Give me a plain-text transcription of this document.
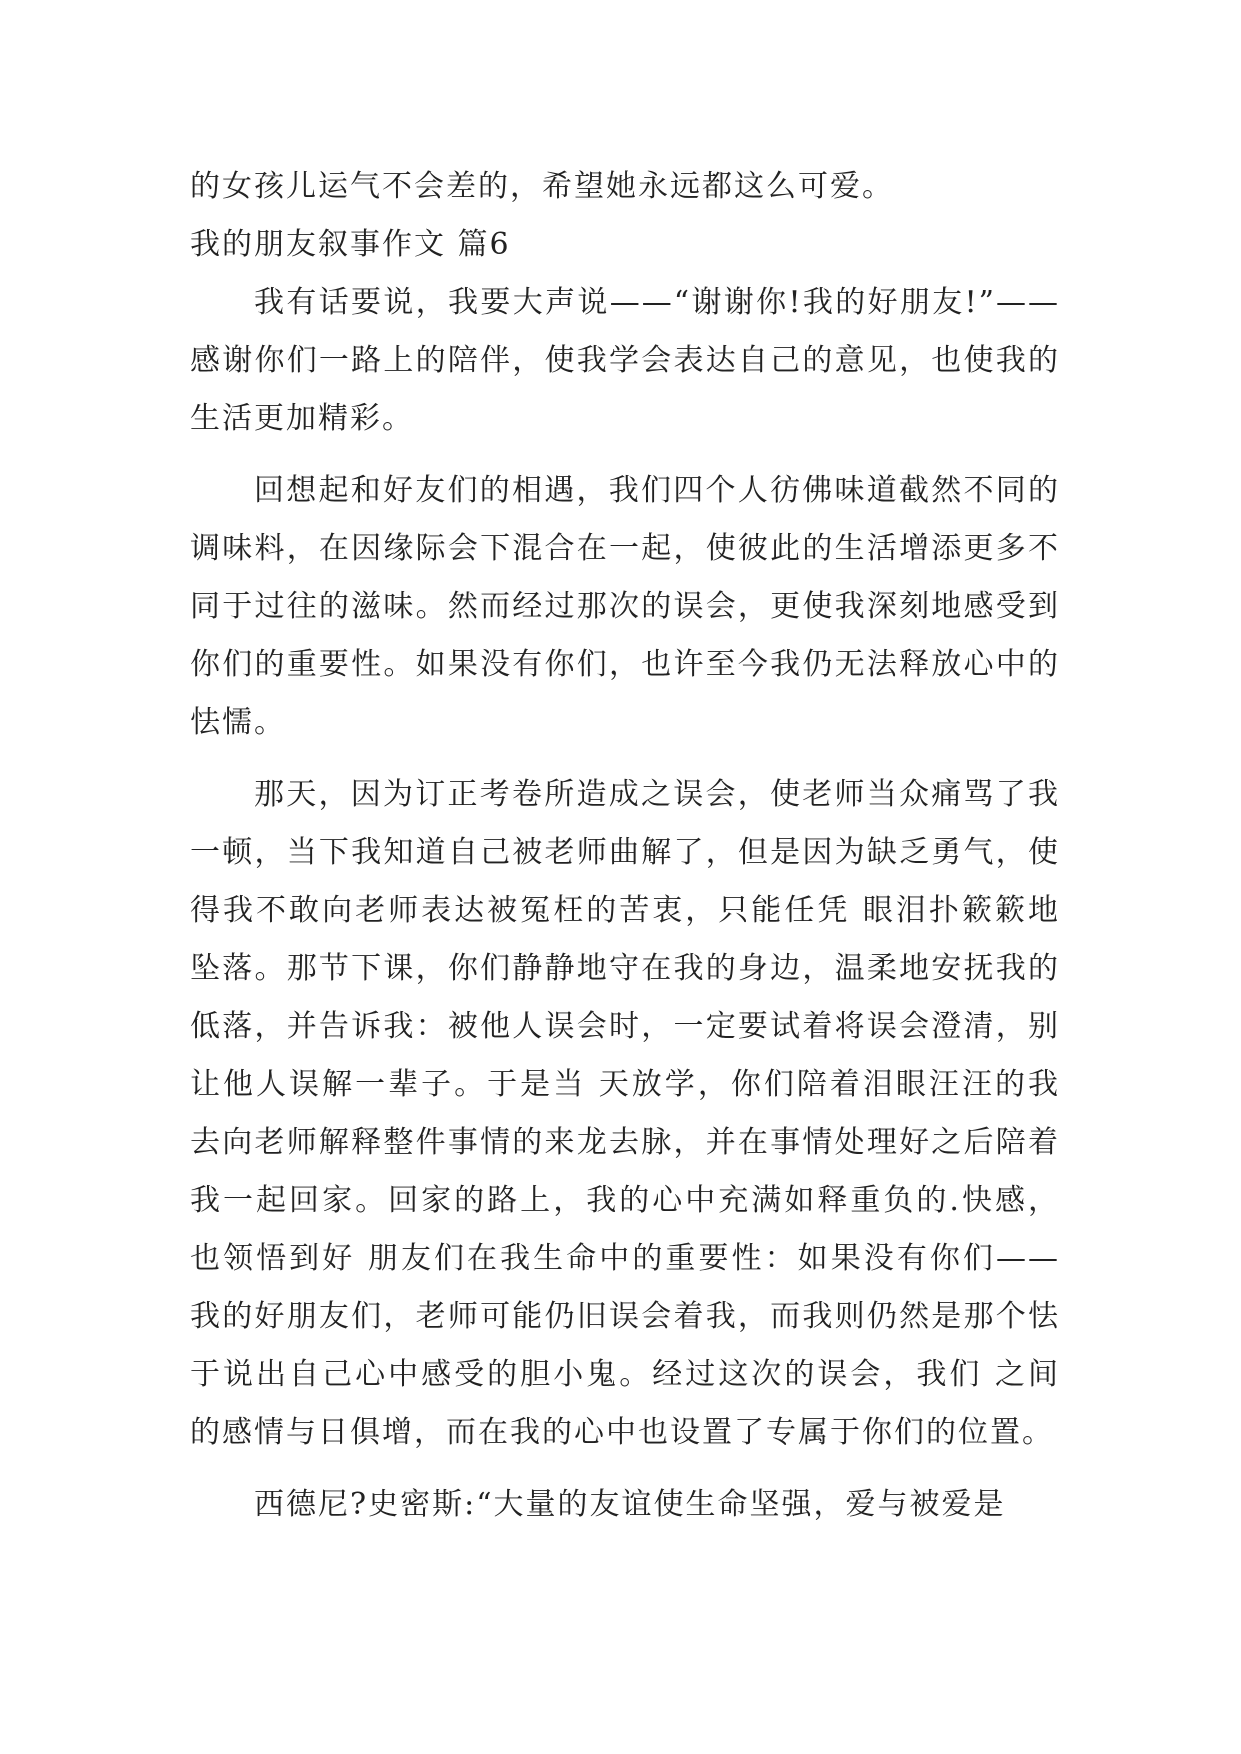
的女孩儿运气不会差的，希望她永远都这么可爱。

我的朋友叙事作文 篇6

我有话要说，我要大声说——“谢谢你!我的好朋友!”——感谢你们一路上的陪伴，使我学会表达自己的意见，也使我的生活更加精彩。

回想起和好友们的相遇，我们四个人彷佛味道截然不同的调味料，在因缘际会下混合在一起，使彼此的生活增添更多不同于过往的滋味。然而经过那次的误会，更使我深刻地感受到你们的重要性。如果没有你们，也许至今我仍无法释放心中的怯懦。

那天，因为订正考卷所造成之误会，使老师当众痛骂了我一顿，当下我知道自己被老师曲解了，但是因为缺乏勇气，使得我不敢向老师表达被冤枉的苦衷，只能任凭 眼泪扑簌簌地坠落。那节下课，你们静静地守在我的身边，温柔地安抚我的低落，并告诉我：被他人误会时，一定要试着将误会澄清，别让他人误解一辈子。于是当 天放学，你们陪着泪眼汪汪的我去向老师解释整件事情的来龙去脉，并在事情处理好之后陪着我一起回家。回家的路上，我的心中充满如释重负的.快感，也领悟到好 朋友们在我生命中的重要性：如果没有你们——我的好朋友们，老师可能仍旧误会着我，而我则仍然是那个怯于说出自己心中感受的胆小鬼。经过这次的误会，我们 之间的感情与日俱增，而在我的心中也设置了专属于你们的位置。

西德尼?史密斯:“大量的友谊使生命坚强，爱与被爱是
